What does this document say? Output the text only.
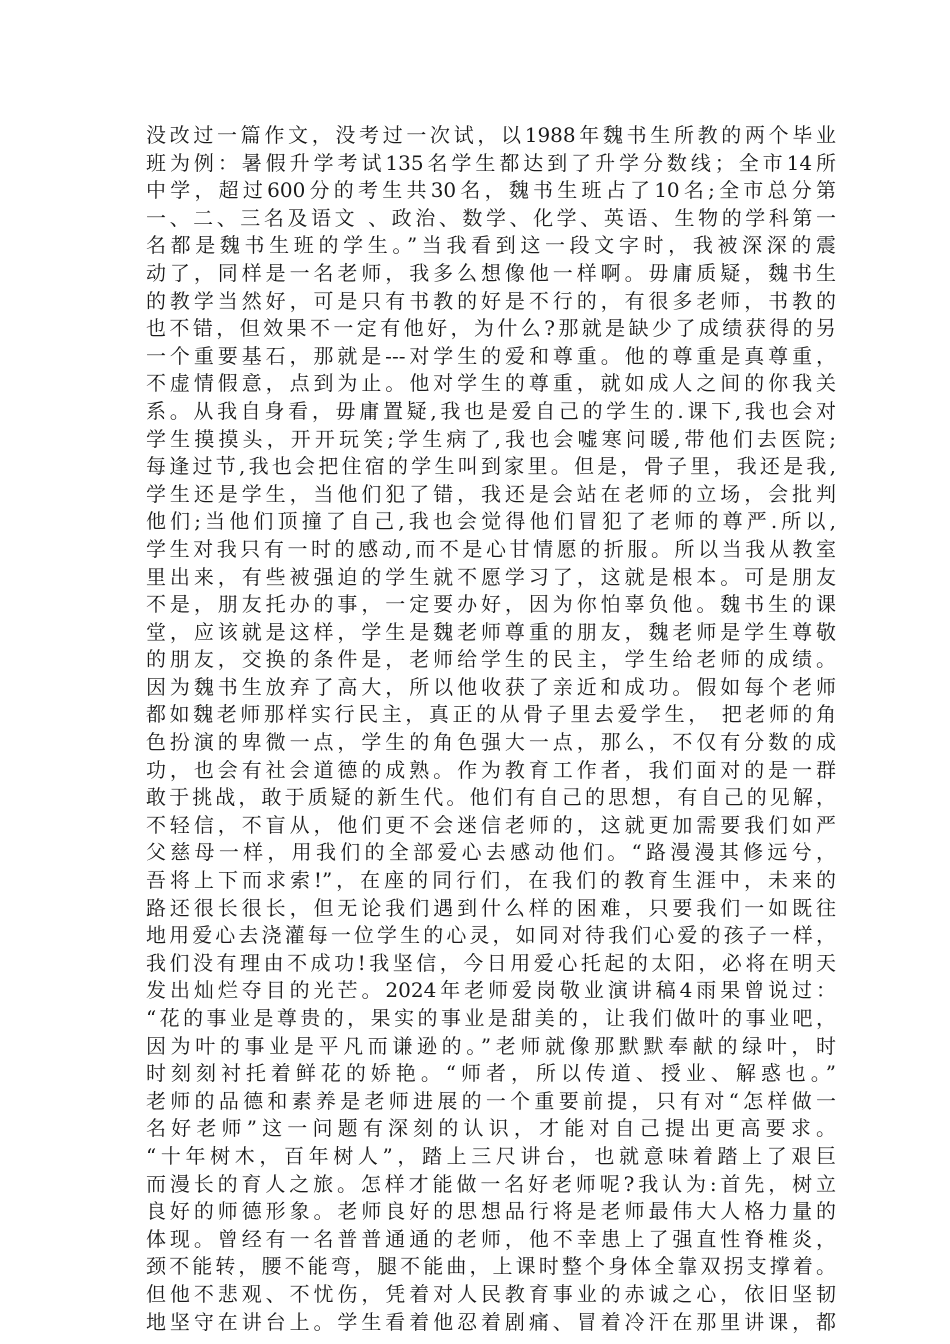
没改过一篇作文，没考过一次试，以1988年魏书生所教的两个毕业
班为例：暑假升学考试135名学生都达到了升学分数线；全市14所
中学，超过600分的考生共30名，魏书生班占了10名;全市总分第
一、二、三名及语文 、政治、数学、化学、英语、生物的学科第一
名都是魏书生班的学生。”当我看到这一段文字时，我被深深的震
动了，同样是一名老师，我多么想像他一样啊。毋庸质疑，魏书生
的教学当然好，可是只有书教的好是不行的，有很多老师，书教的
也不错，但效果不一定有他好，为什么?那就是缺少了成绩获得的另
一个重要基石，那就是---对学生的爱和尊重。他的尊重是真尊重，
不虚情假意，点到为止。他对学生的尊重，就如成人之间的你我关
系。从我自身看，毋庸置疑,我也是爱自己的学生的.课下,我也会对
学生摸摸头，开开玩笑;学生病了,我也会嘘寒问暖,带他们去医院;
每逢过节,我也会把住宿的学生叫到家里。但是，骨子里，我还是我,
学生还是学生，当他们犯了错，我还是会站在老师的立场，会批判
他们;当他们顶撞了自己,我也会觉得他们冒犯了老师的尊严.所以,
学生对我只有一时的感动,而不是心甘情愿的折服。所以当我从教室
里出来，有些被强迫的学生就不愿学习了，这就是根本。可是朋友
不是，朋友托办的事，一定要办好，因为你怕辜负他。魏书生的课
堂，应该就是这样，学生是魏老师尊重的朋友，魏老师是学生尊敬
的朋友，交换的条件是，老师给学生的民主，学生给老师的成绩。
因为魏书生放弃了高大，所以他收获了亲近和成功。假如每个老师
都如魏老师那样实行民主，真正的从骨子里去爱学生， 把老师的角
色扮演的卑微一点，学生的角色强大一点，那么，不仅有分数的成
功，也会有社会道德的成熟。作为教育工作者，我们面对的是一群
敢于挑战，敢于质疑的新生代。他们有自己的思想，有自己的见解，
不轻信，不盲从，他们更不会迷信老师的，这就更加需要我们如严
父慈母一样，用我们的全部爱心去感动他们。“路漫漫其修远兮，
吾将上下而求索!”，在座的同行们，在我们的教育生涯中，未来的
路还很长很长，但无论我们遇到什么样的困难，只要我们一如既往
地用爱心去浇灌每一位学生的心灵，如同对待我们心爱的孩子一样，
我们没有理由不成功!我坚信，今日用爱心托起的太阳，必将在明天
发出灿烂夺目的光芒。2024年老师爱岗敬业演讲稿4雨果曾说过：
“花的事业是尊贵的，果实的事业是甜美的，让我们做叶的事业吧，
因为叶的事业是平凡而谦逊的。”老师就像那默默奉献的绿叶，时
时刻刻衬托着鲜花的娇艳。“师者，所以传道、授业、解惑也。”
老师的品德和素养是老师进展的一个重要前提，只有对“怎样做一
名好老师”这一问题有深刻的认识，才能对自己提出更高要求。
“十年树木，百年树人”，踏上三尺讲台，也就意味着踏上了艰巨
而漫长的育人之旅。怎样才能做一名好老师呢?我认为:首先，树立
良好的师德形象。老师良好的思想品行将是老师最伟大人格力量的
体现。曾经有一名普普通通的老师，他不幸患上了强直性脊椎炎，
颈不能转，腰不能弯，腿不能曲，上课时整个身体全靠双拐支撑着。
但他不悲观、不忧伤，凭着对人民教育事业的赤诚之心，依旧坚韧
地坚守在讲台上。学生看着他忍着剧痛、冒着冷汗在那里讲课，都
